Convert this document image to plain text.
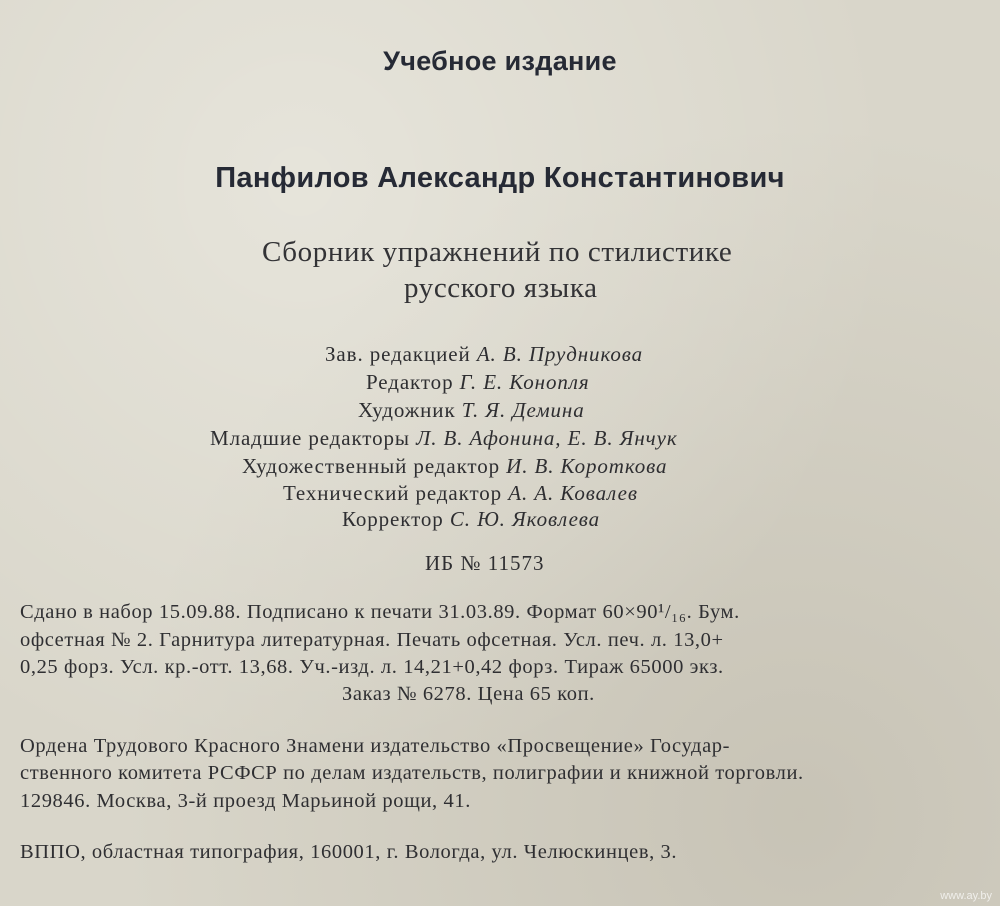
Учебное издание
Панфилов Александр Константинович
Сборник упражнений по стилистике
русского языка
Зав. редакцией А. В. Прудникова
Редактор Г. Е. Конопля
Художник Т. Я. Демина
Младшие редакторы Л. В. Афонина, Е. В. Янчук
Художественный редактор И. В. Короткова
Технический редактор А. А. Ковалев
Корректор С. Ю. Яковлева
ИБ № 11573
Сдано в набор 15.09.88. Подписано к печати 31.03.89. Формат 60×90¹/₁₆. Бум.
офсетная № 2. Гарнитура литературная. Печать офсетная. Усл. печ. л. 13,0+
0,25 форз. Усл. кр.-отт. 13,68. Уч.-изд. л. 14,21+0,42 форз. Тираж 65000 экз.
Заказ № 6278. Цена 65 коп.
Ордена Трудового Красного Знамени издательство «Просвещение» Государ-
ственного комитета РСФСР по делам издательств, полиграфии и книжной торговли.
129846. Москва, 3-й проезд Марьиной рощи, 41.
ВППО, областная типография, 160001, г. Вологда, ул. Челюскинцев, 3.
www.ay.by
